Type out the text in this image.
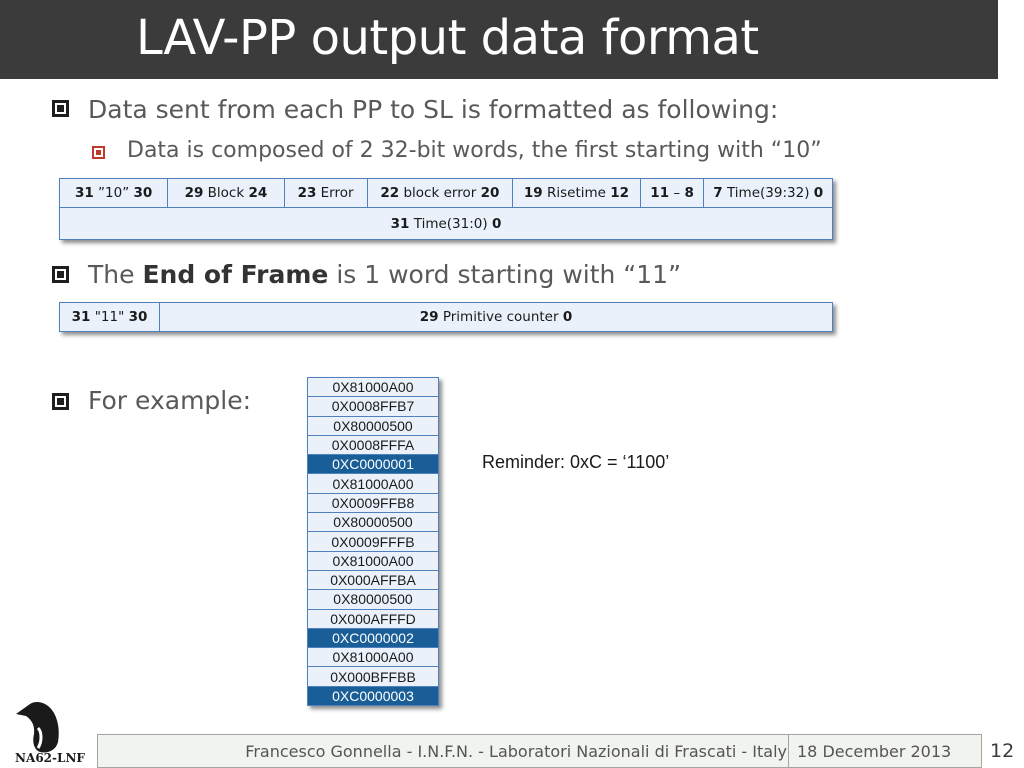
LAV-PP output data format
Data sent from each PP to SL is formatted as following:
Data is composed of 2 32-bit words, the first starting with “10”
31 ”10” 30	29 Block 24	23 Error	22 block error 20	19 Risetime 12	11 – 8	7 Time(39:32) 0
31 Time(31:0) 0
The End of Frame is 1 word starting with “11”
31 "11" 30	29 Primitive counter 0
For example:	0X81000A00
0X0008FFB7
0X80000500
0X0008FFFA
0XC0000001
0X81000A00
0X0009FFB8
0X80000500
0X0009FFFB
0X81000A00
0X000AFFBA
0X80000500
0X000AFFFD
0XC0000002
0X81000A00
0X000BFFBB
0XC0000003
Reminder: 0xC = ‘1100’
NA62-LNF	Francesco Gonnella - I.N.F.N. - Laboratori Nazionali di Frascati - Italy 18 December 2013 12
